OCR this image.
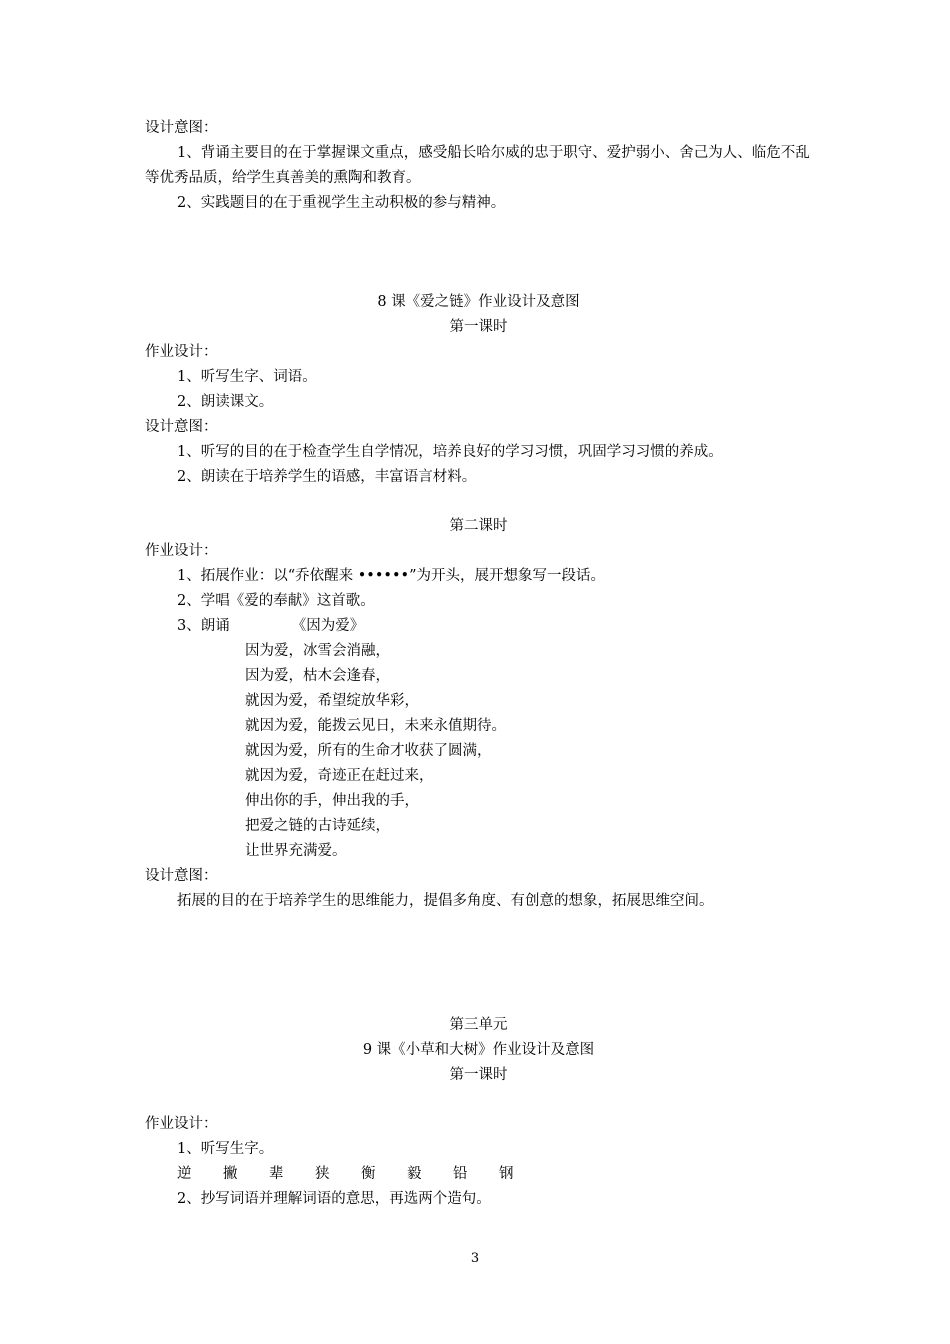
设计意图：
1、背诵主要目的在于掌握课文重点，感受船长哈尔威的忠于职守、爱护弱小、舍己为人、临危不乱等优秀品质，给学生真善美的熏陶和教育。
2、实践题目的在于重视学生主动积极的参与精神。
8 课《爱之链》作业设计及意图
第一课时
作业设计：
1、听写生字、词语。
2、朗读课文。
设计意图：
1、听写的目的在于检查学生自学情况，培养良好的学习习惯，巩固学习习惯的养成。
2、朗读在于培养学生的语感，丰富语言材料。
第二课时
作业设计：
1、拓展作业：以“乔依醒来 ••••••”为开头，展开想象写一段话。
2、学唱《爱的奉献》这首歌。
3、朗诵	《因为爱》
因为爱，冰雪会消融，
因为爱，枯木会逢春，
就因为爱，希望绽放华彩，
就因为爱，能拨云见日，未来永值期待。
就因为爱，所有的生命才收获了圆满，
就因为爱，奇迹正在赶过来，
伸出你的手，伸出我的手，
把爱之链的古诗延续，
让世界充满爱。
设计意图：
拓展的目的在于培养学生的思维能力，提倡多角度、有创意的想象，拓展思维空间。
第三单元
9 课《小草和大树》作业设计及意图
第一课时
作业设计：
1、听写生字。
逆 撇 辈 狭 衡 毅 铅 钢
2、抄写词语并理解词语的意思，再选两个造句。
3
